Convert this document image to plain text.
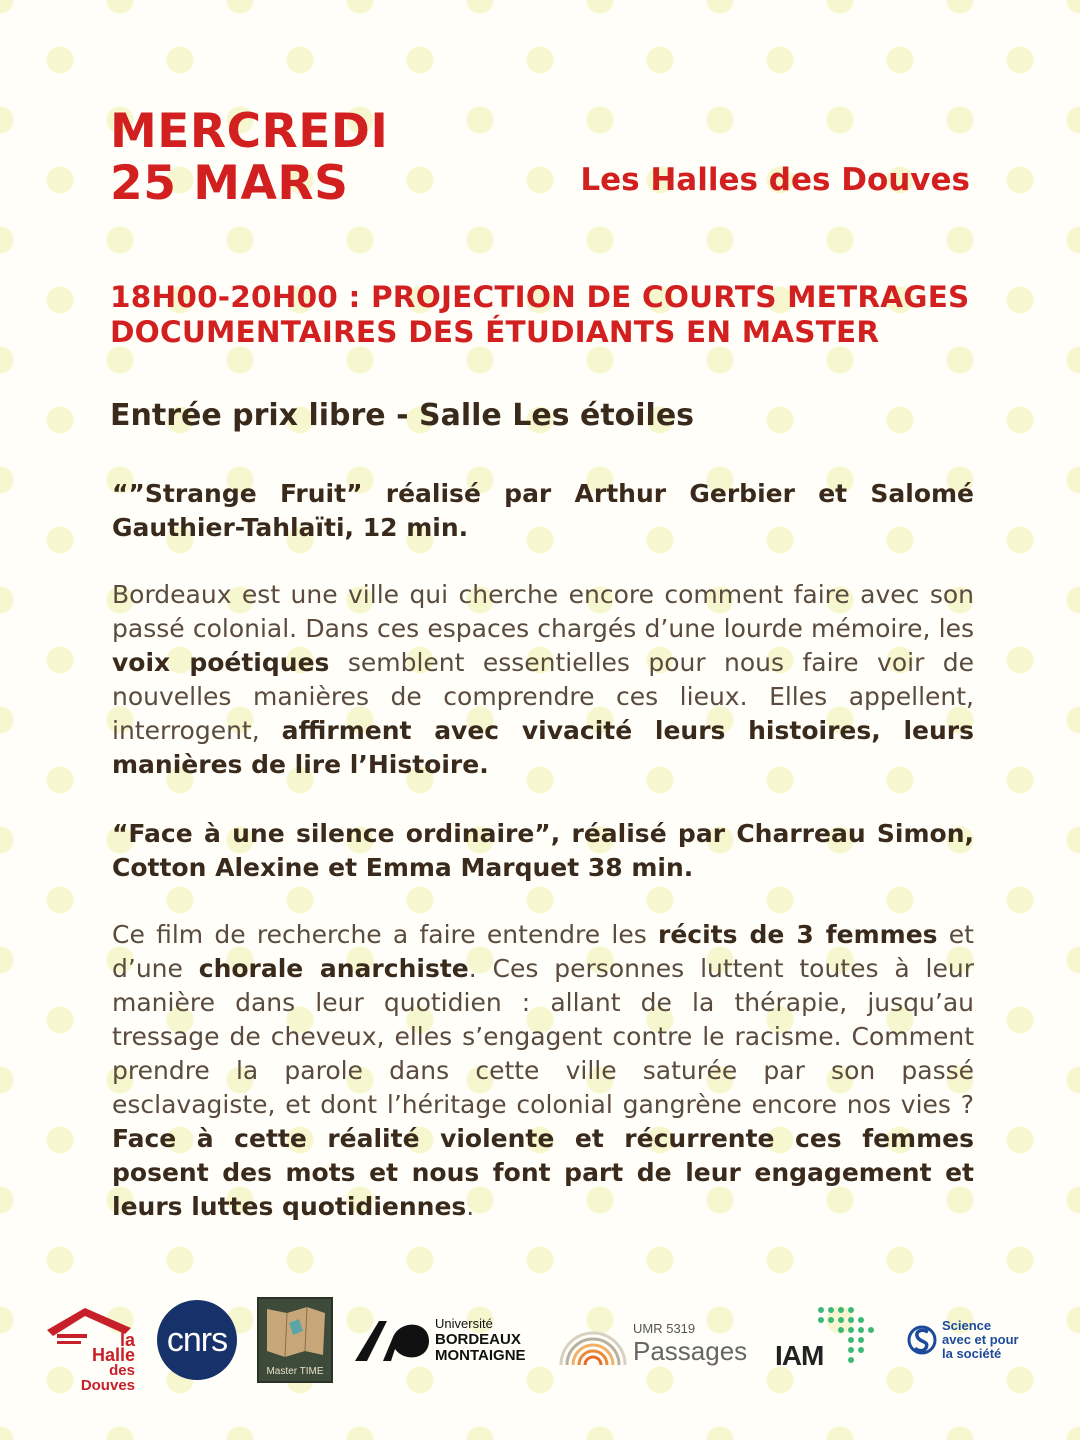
MERCREDI
25 MARS	Les Halles des Douves
18H00-20H00 : PROJECTION DE COURTS METRAGES
DOCUMENTAIRES DES ÉTUDIANTS EN MASTER
Entrée prix libre - Salle Les étoiles
“”Strange Fruit” réalisé par Arthur Gerbier et Salomé Gauthier-Tahlaïti, 12 min.
Bordeaux est une ville qui cherche encore comment faire avec son passé colonial. Dans ces espaces chargés d’une lourde mémoire, les voix poétiques semblent essentielles pour nous faire voir de nouvelles manières de comprendre ces lieux. Elles appellent, interrogent, affirment avec vivacité leurs histoires, leurs manières de lire l’Histoire.
“Face à une silence ordinaire”, réalisé par Charreau Simon, Cotton Alexine et Emma Marquet 38 min.
Ce film de recherche a faire entendre les récits de 3 femmes et d’une chorale anarchiste. Ces personnes luttent toutes à leur manière dans leur quotidien : allant de la thérapie, jusqu’au tressage de cheveux, elles s’engagent contre le racisme. Comment prendre la parole dans cette ville saturée par son passé esclavagiste, et dont l’héritage colonial gangrène encore nos vies ? Face à cette réalité violente et récurrente ces femmes posent des mots et nous font part de leur engagement et leurs luttes quotidiennes.
la Halle
des Douves
cnrs
Master TIME
Université
BORDEAUX
MONTAIGNE
UMR 5319
Passages IAM
Science
avec et pour
la société
